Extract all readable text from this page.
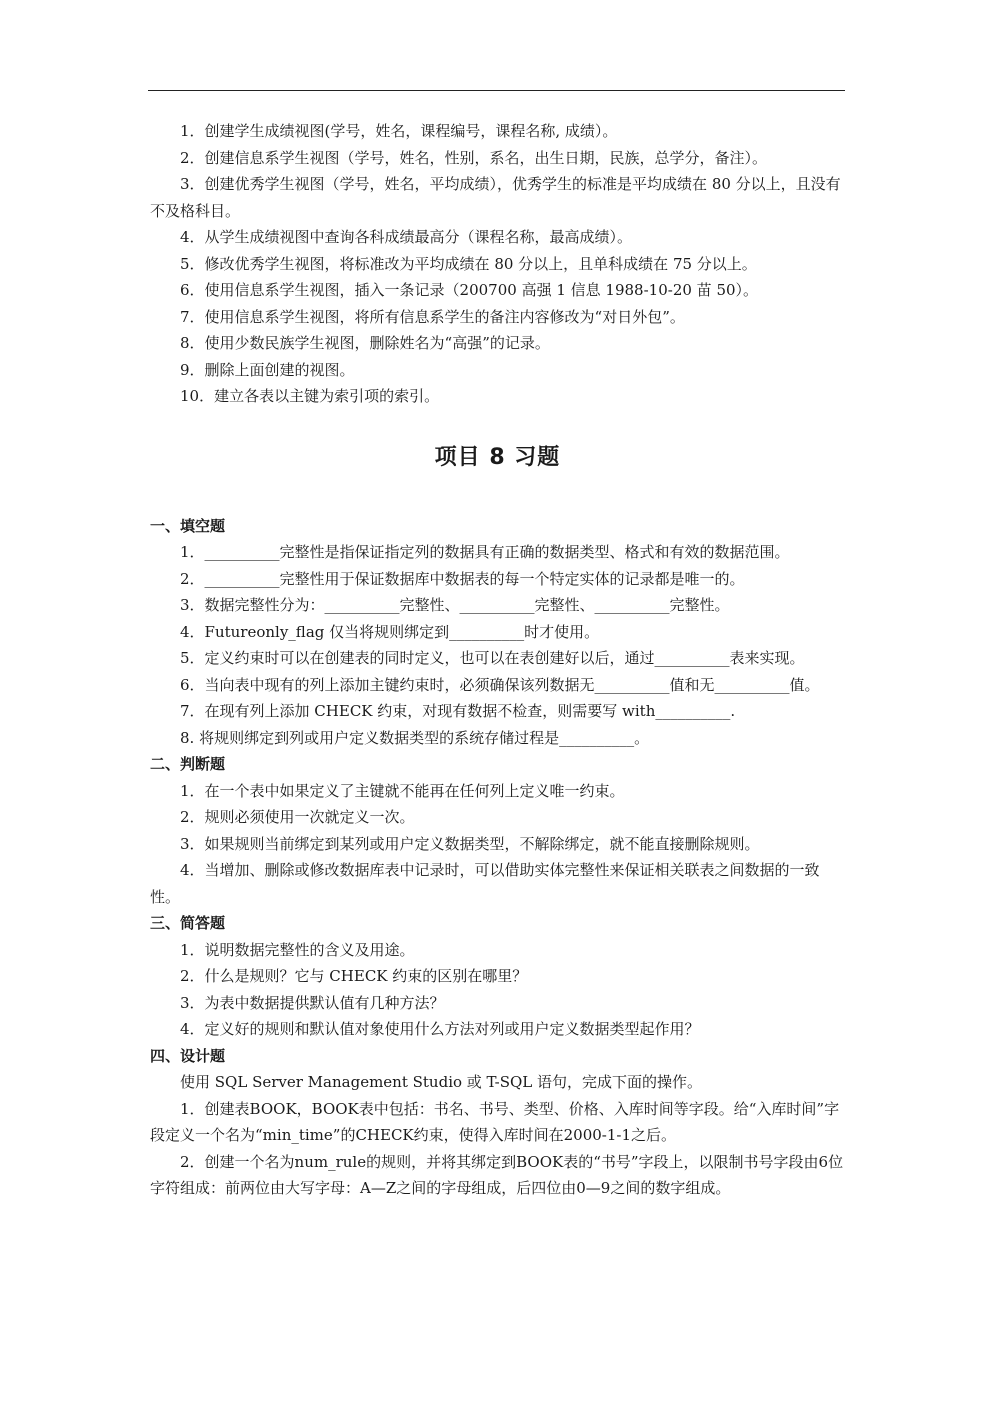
1．创建学生成绩视图(学号，姓名，课程编号，课程名称, 成绩）。

2．创建信息系学生视图（学号，姓名，性别，系名，出生日期，民族，总学分，备注）。

3．创建优秀学生视图（学号，姓名，平均成绩），优秀学生的标准是平均成绩在 80 分以上，且没有不及格科目。

4．从学生成绩视图中查询各科成绩最高分（课程名称，最高成绩）。

5．修改优秀学生视图，将标准改为平均成绩在 80 分以上，且单科成绩在 75 分以上。

6．使用信息系学生视图，插入一条记录（200700 高强 1 信息 1988-10-20 苗 50）。

7．使用信息系学生视图，将所有信息系学生的备注内容修改为“对日外包”。

8．使用少数民族学生视图，删除姓名为“高强”的记录。

9．删除上面创建的视图。

10．建立各表以主键为索引项的索引。

项目 8 习题

一、填空题

1．__________完整性是指保证指定列的数据具有正确的数据类型、格式和有效的数据范围。

2．__________完整性用于保证数据库中数据表的每一个特定实体的记录都是唯一的。

3．数据完整性分为：__________完整性、__________完整性、__________完整性。

4．Futureonly_flag 仅当将规则绑定到__________时才使用。

5．定义约束时可以在创建表的同时定义，也可以在表创建好以后，通过__________表来实现。

6．当向表中现有的列上添加主键约束时，必须确保该列数据无__________值和无__________值。

7．在现有列上添加 CHECK 约束，对现有数据不检查，则需要写 with__________.

8. 将规则绑定到列或用户定义数据类型的系统存储过程是__________。

二、判断题

1．在一个表中如果定义了主键就不能再在任何列上定义唯一约束。

2．规则必须使用一次就定义一次。

3．如果规则当前绑定到某列或用户定义数据类型，不解除绑定，就不能直接删除规则。

4．当增加、删除或修改数据库表中记录时，可以借助实体完整性来保证相关联表之间数据的一致性。

三、简答题

1．说明数据完整性的含义及用途。

2．什么是规则？它与 CHECK 约束的区别在哪里？

3．为表中数据提供默认值有几种方法？

4．定义好的规则和默认值对象使用什么方法对列或用户定义数据类型起作用？

四、设计题

使用 SQL Server Management Studio 或 T-SQL 语句，完成下面的操作。

1．创建表BOOK，BOOK表中包括：书名、书号、类型、价格、入库时间等字段。给“入库时间”字段定义一个名为“min_time”的CHECK约束，使得入库时间在2000-1-1之后。

2．创建一个名为num_rule的规则，并将其绑定到BOOK表的“书号”字段上，以限制书号字段由6位字符组成：前两位由大写字母：A—Z之间的字母组成，后四位由0—9之间的数字组成。
